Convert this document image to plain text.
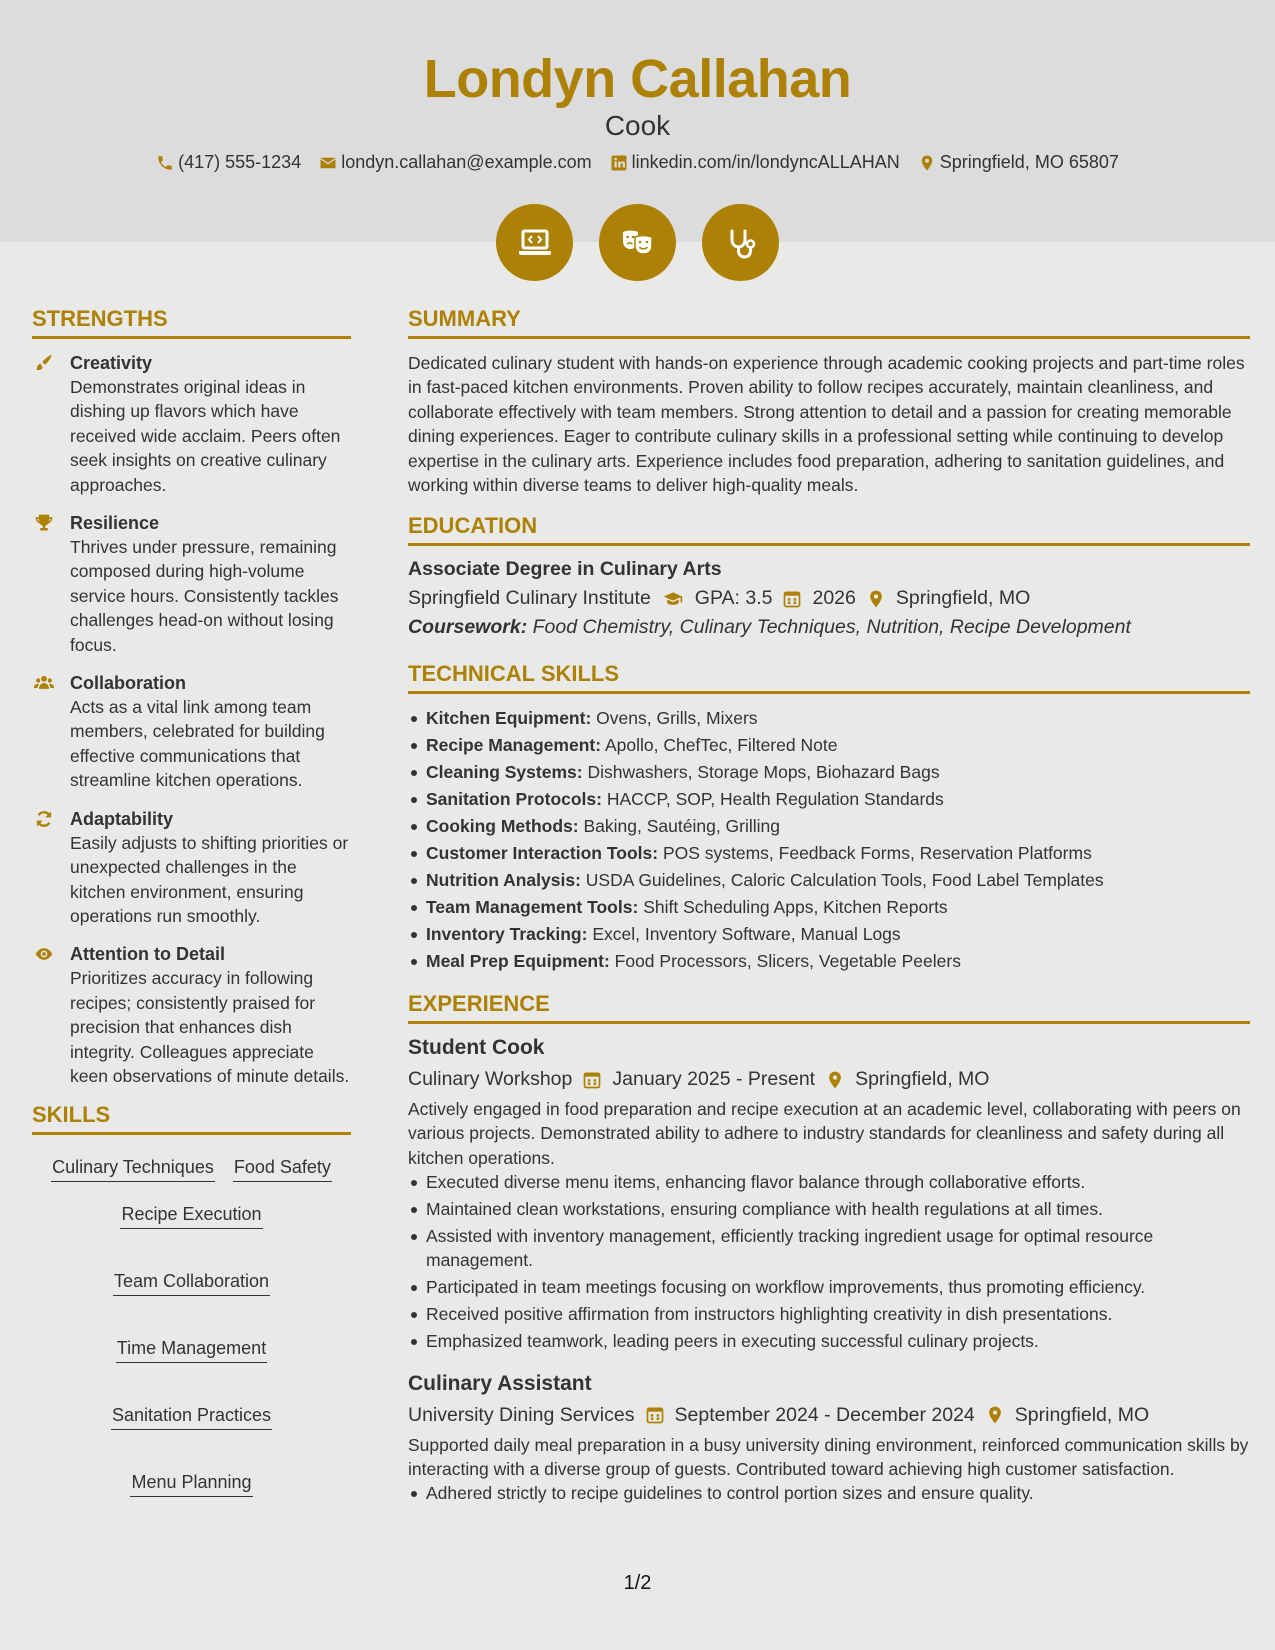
Londyn Callahan
Cook
(417) 555-1234 londyn.callahan@example.com linkedin.com/in/londyncALLAHAN Springfield, MO 65807
STRENGTHS
Creativity
Demonstrates original ideas in dishing up flavors which have received wide acclaim. Peers often seek insights on creative culinary approaches.
Resilience
Thrives under pressure, remaining composed during high-volume service hours. Consistently tackles challenges head-on without losing focus.
Collaboration
Acts as a vital link among team members, celebrated for building effective communications that streamline kitchen operations.
Adaptability
Easily adjusts to shifting priorities or unexpected challenges in the kitchen environment, ensuring operations run smoothly.
Attention to Detail
Prioritizes accuracy in following recipes; consistently praised for precision that enhances dish integrity. Colleagues appreciate keen observations of minute details.
SKILLS
Culinary Techniques Food Safety
Recipe Execution
Team Collaboration
Time Management
Sanitation Practices
Menu Planning
SUMMARY
Dedicated culinary student with hands-on experience through academic cooking projects and part-time roles in fast-paced kitchen environments. Proven ability to follow recipes accurately, maintain cleanliness, and collaborate effectively with team members. Strong attention to detail and a passion for creating memorable dining experiences. Eager to contribute culinary skills in a professional setting while continuing to develop expertise in the culinary arts. Experience includes food preparation, adhering to sanitation guidelines, and working within diverse teams to deliver high-quality meals.
EDUCATION
Associate Degree in Culinary Arts
Springfield Culinary Institute GPA: 3.5 2026 Springfield, MO
Coursework: Food Chemistry, Culinary Techniques, Nutrition, Recipe Development
TECHNICAL SKILLS
Kitchen Equipment: Ovens, Grills, Mixers
Recipe Management: Apollo, ChefTec, Filtered Note
Cleaning Systems: Dishwashers, Storage Mops, Biohazard Bags
Sanitation Protocols: HACCP, SOP, Health Regulation Standards
Cooking Methods: Baking, Sautéing, Grilling
Customer Interaction Tools: POS systems, Feedback Forms, Reservation Platforms
Nutrition Analysis: USDA Guidelines, Caloric Calculation Tools, Food Label Templates
Team Management Tools: Shift Scheduling Apps, Kitchen Reports
Inventory Tracking: Excel, Inventory Software, Manual Logs
Meal Prep Equipment: Food Processors, Slicers, Vegetable Peelers
EXPERIENCE
Student Cook
Culinary Workshop January 2025 - Present Springfield, MO
Actively engaged in food preparation and recipe execution at an academic level, collaborating with peers on various projects. Demonstrated ability to adhere to industry standards for cleanliness and safety during all kitchen operations.
Executed diverse menu items, enhancing flavor balance through collaborative efforts.
Maintained clean workstations, ensuring compliance with health regulations at all times.
Assisted with inventory management, efficiently tracking ingredient usage for optimal resource management.
Participated in team meetings focusing on workflow improvements, thus promoting efficiency.
Received positive affirmation from instructors highlighting creativity in dish presentations.
Emphasized teamwork, leading peers in executing successful culinary projects.
Culinary Assistant
University Dining Services September 2024 - December 2024 Springfield, MO
Supported daily meal preparation in a busy university dining environment, reinforced communication skills by interacting with a diverse group of guests. Contributed toward achieving high customer satisfaction.
Adhered strictly to recipe guidelines to control portion sizes and ensure quality.
1/2
